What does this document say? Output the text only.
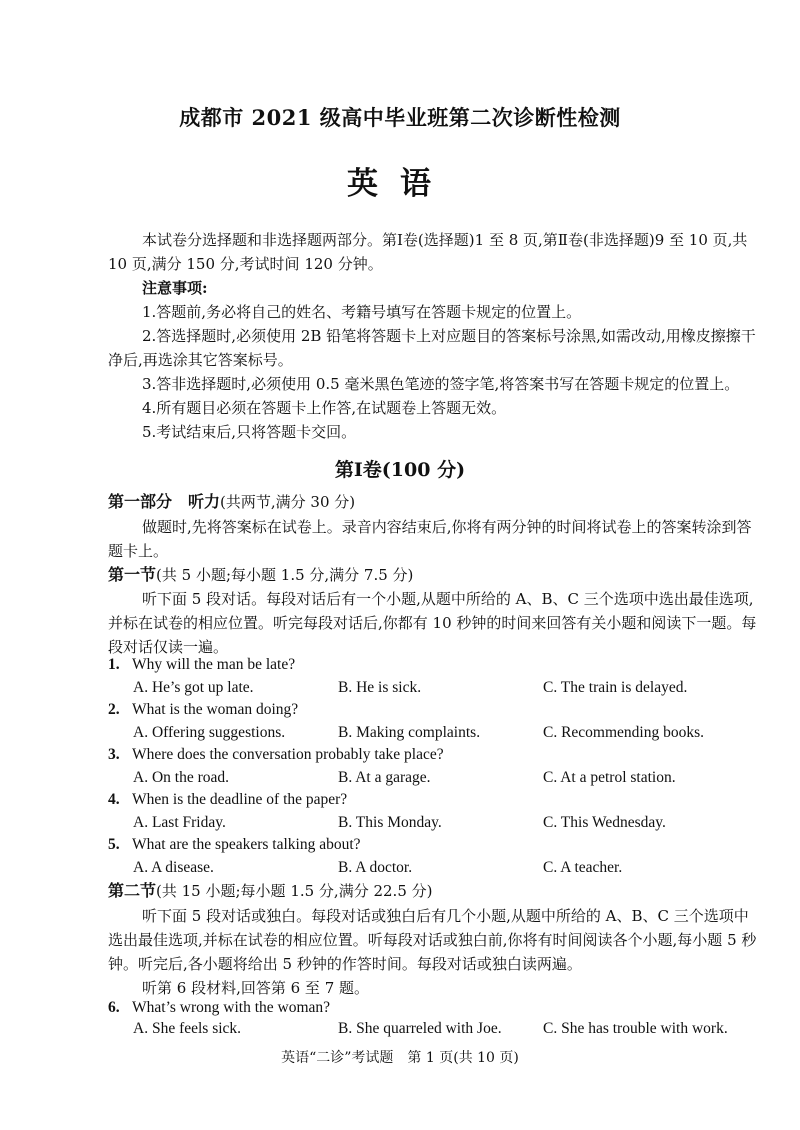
成都市 2021 级高中毕业班第二次诊断性检测
英语
本试卷分选择题和非选择题两部分。第Ⅰ卷(选择题)1 至 8 页,第Ⅱ卷(非选择题)9 至 10 页,共 10 页,满分 150 分,考试时间 120 分钟。
注意事项:
1.答题前,务必将自己的姓名、考籍号填写在答题卡规定的位置上。
2.答选择题时,必须使用 2B 铅笔将答题卡上对应题目的答案标号涂黑,如需改动,用橡皮擦擦干净后,再选涂其它答案标号。
3.答非选择题时,必须使用 0.5 毫米黑色笔迹的签字笔,将答案书写在答题卡规定的位置上。
4.所有题目必须在答题卡上作答,在试题卷上答题无效。
5.考试结束后,只将答题卡交回。
第Ⅰ卷(100 分)
第一部分　听力(共两节,满分 30 分)
做题时,先将答案标在试卷上。录音内容结束后,你将有两分钟的时间将试卷上的答案转涂到答题卡上。
第一节(共 5 小题;每小题 1.5 分,满分 7.5 分)
听下面 5 段对话。每段对话后有一个小题,从题中所给的 A、B、C 三个选项中选出最佳选项,并标在试卷的相应位置。听完每段对话后,你都有 10 秒钟的时间来回答有关小题和阅读下一题。每段对话仅读一遍。
1. Why will the man be late?
A. He’s got up late.	B. He is sick.	C. The train is delayed.
2. What is the woman doing?
A. Offering suggestions.	B. Making complaints.	C. Recommending books.
3. Where does the conversation probably take place?
A. On the road.	B. At a garage.	C. At a petrol station.
4. When is the deadline of the paper?
A. Last Friday.	B. This Monday.	C. This Wednesday.
5. What are the speakers talking about?
A. A disease.	B. A doctor.	C. A teacher.
第二节(共 15 小题;每小题 1.5 分,满分 22.5 分)
听下面 5 段对话或独白。每段对话或独白后有几个小题,从题中所给的 A、B、C 三个选项中选出最佳选项,并标在试卷的相应位置。听每段对话或独白前,你将有时间阅读各个小题,每小题 5 秒钟。听完后,各小题将给出 5 秒钟的作答时间。每段对话或独白读两遍。
听第 6 段材料,回答第 6 至 7 题。
6. What’s wrong with the woman?
A. She feels sick.	B. She quarreled with Joe.	C. She has trouble with work.
英语“二诊”考试题　第 1 页(共 10 页)
